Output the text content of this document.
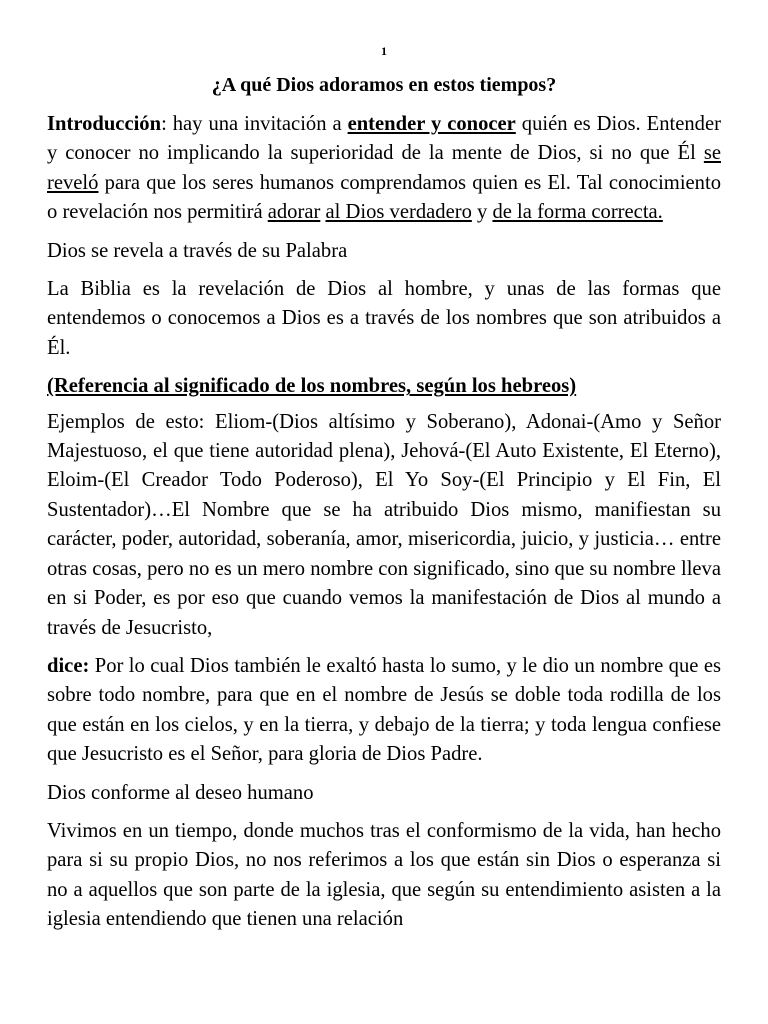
1
¿A qué Dios adoramos en estos tiempos?

Introducción: hay una invitación a entender y conocer quién es Dios. Entender y conocer no implicando la superioridad de la mente de Dios, si no que Él se reveló para que los seres humanos comprendamos quien es El. Tal conocimiento o revelación nos permitirá adorar al Dios verdadero y de la forma correcta.

Dios se revela a través de su Palabra

La Biblia es la revelación de Dios al hombre, y unas de las formas que entendemos o conocemos a Dios es a través de los nombres que son atribuidos a Él.

(Referencia al significado de los nombres, según los hebreos)

Ejemplos de esto: Eliom-(Dios altísimo y Soberano), Adonai-(Amo y Señor Majestuoso, el que tiene autoridad plena), Jehová-(El Auto Existente, El Eterno), Eloim-(El Creador Todo Poderoso), El Yo Soy-(El Principio y El Fin, El Sustentador)…El Nombre que se ha atribuido Dios mismo, manifiestan su carácter, poder, autoridad, soberanía, amor, misericordia, juicio, y justicia… entre otras cosas, pero no es un mero nombre con significado, sino que su nombre lleva en si Poder, es por eso que cuando vemos la manifestación de Dios al mundo a través de Jesucristo,

dice: Por lo cual Dios también le exaltó hasta lo sumo, y le dio un nombre que es sobre todo nombre, para que en el nombre de Jesús se doble toda rodilla de los que están en los cielos, y en la tierra, y debajo de la tierra; y toda lengua confiese que Jesucristo es el Señor, para gloria de Dios Padre.

Dios conforme al deseo humano

Vivimos en un tiempo, donde muchos tras el conformismo de la vida, han hecho para si su propio Dios, no nos referimos a los que están sin Dios o esperanza si no a aquellos que son parte de la iglesia, que según su entendimiento asisten a la iglesia entendiendo que tienen una relación
